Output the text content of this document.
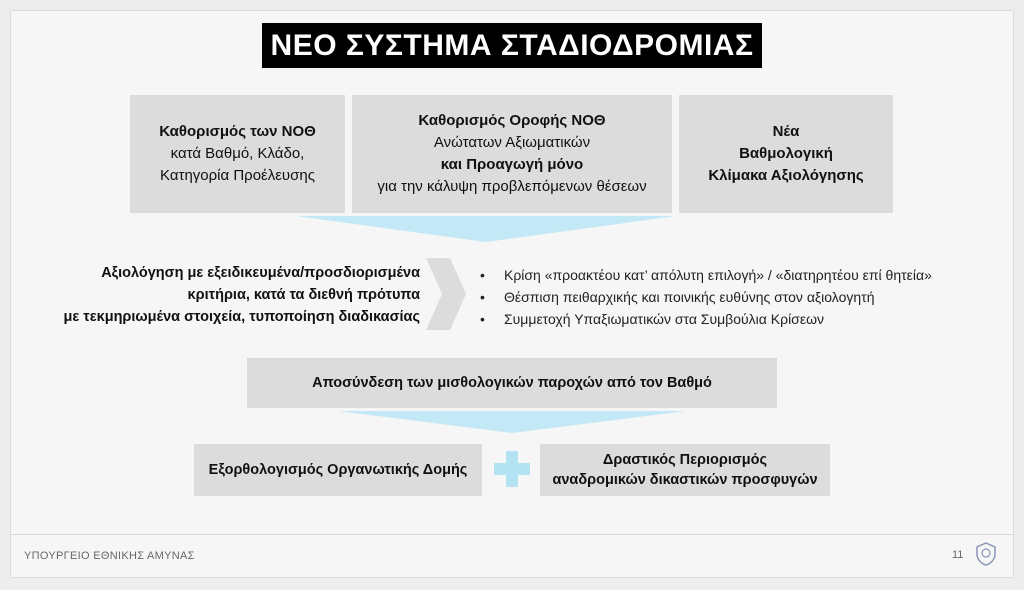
ΝΕΟ ΣΥΣΤΗΜΑ ΣΤΑΔΙΟΔΡΟΜΙΑΣ
Καθορισμός των ΝΟΘ
κατά Βαθμό, Κλάδο,
Κατηγορία Προέλευσης
Καθορισμός Οροφής ΝΟΘ
Ανώτατων Αξιωματικών
και Προαγωγή μόνο
για την κάλυψη προβλεπόμενων θέσεων
Νέα
Βαθμολογική
Κλίμακα Αξιολόγησης
Αξιολόγηση με εξειδικευμένα/προσδιορισμένα
κριτήρια, κατά τα διεθνή πρότυπα
με τεκμηριωμένα στοιχεία, τυποποίηση διαδικασίας
• Κρίση «προακτέου κατ’ απόλυτη επιλογή» / «διατηρητέου επί θητεία»
• Θέσπιση πειθαρχικής και ποινικής ευθύνης στον αξιολογητή
• Συμμετοχή Υπαξιωματικών στα Συμβούλια Κρίσεων
Αποσύνδεση των μισθολογικών παροχών από τον Βαθμό
Εξορθολογισμός Οργανωτικής Δομής
Δραστικός Περιορισμός
αναδρομικών δικαστικών προσφυγών
ΥΠΟΥΡΓΕΙΟ ΕΘΝΙΚΗΣ ΑΜΥΝΑΣ	11
